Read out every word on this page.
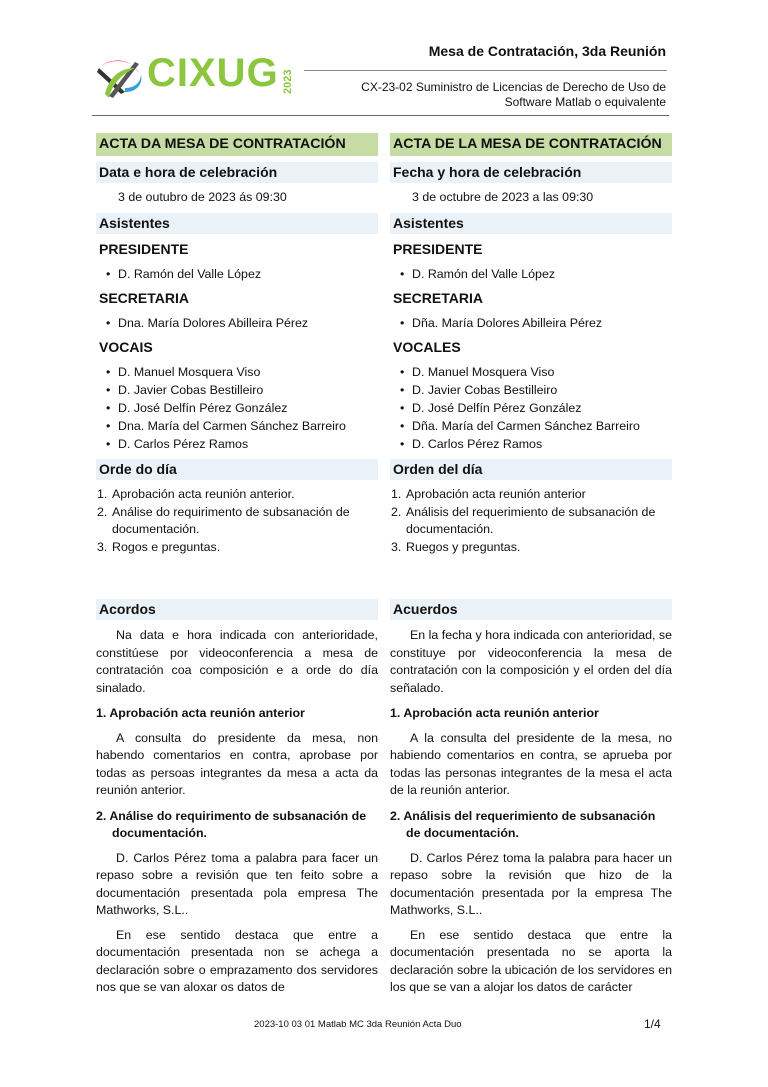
CIXUG 2023
Mesa de Contratación, 3da Reunión
CX-23-02 Suministro de Licencias de Derecho de Uso de Software Matlab o equivalente
ACTA DA MESA DE CONTRATACIÓN
Data e hora de celebración
3 de outubro de 2023 ás 09:30
Asistentes
PRESIDENTE
• D. Ramón del Valle López
SECRETARIA
• Dna. María Dolores Abilleira Pérez
VOCAIS
• D. Manuel Mosquera Viso
• D. Javier Cobas Bestilleiro
• D. José Delfín Pérez González
• Dna. María del Carmen Sánchez Barreiro
• D. Carlos Pérez Ramos
Orde do día
1. Aprobación acta reunión anterior.
2. Análise do requirimento de subsanación de documentación.
3. Rogos e preguntas.
Acordos
Na data e hora indicada con anterioridade, constitúese por videoconferencia a mesa de contratación coa composición e a orde do día sinalado.
1. Aprobación acta reunión anterior
A consulta do presidente da mesa, non habendo comentarios en contra, aprobase por todas as persoas integrantes da mesa a acta da reunión anterior.
2. Análise do requirimento de subsanación de documentación.
D. Carlos Pérez toma a palabra para facer un repaso sobre a revisión que ten feito sobre a documentación presentada pola empresa The Mathworks, S.L..
En ese sentido destaca que entre a documentación presentada non se achega a declaración sobre o emprazamento dos servidores nos que se van aloxar os datos de
ACTA DE LA MESA DE CONTRATACIÓN
Fecha y hora de celebración
3 de octubre de 2023 a las 09:30
Asistentes
PRESIDENTE
• D. Ramón del Valle López
SECRETARIA
• Dña. María Dolores Abilleira Pérez
VOCALES
• D. Manuel Mosquera Viso
• D. Javier Cobas Bestilleiro
• D. José Delfín Pérez González
• Dña. María del Carmen Sánchez Barreiro
• D. Carlos Pérez Ramos
Orden del día
1. Aprobación acta reunión anterior
2. Análisis del requerimiento de subsanación de documentación.
3. Ruegos y preguntas.
Acuerdos
En la fecha y hora indicada con anterioridad, se constituye por videoconferencia la mesa de contratación con la composición y el orden del día señalado.
1. Aprobación acta reunión anterior
A la consulta del presidente de la mesa, no habiendo comentarios en contra, se aprueba por todas las personas integrantes de la mesa el acta de la reunión anterior.
2. Análisis del requerimiento de subsanación de documentación.
D. Carlos Pérez toma la palabra para hacer un repaso sobre la revisión que hizo de la documentación presentada por la empresa The Mathworks, S.L..
En ese sentido destaca que entre la documentación presentada no se aporta la declaración sobre la ubicación de los servidores en los que se van a alojar los datos de carácter
2023-10 03 01 Matlab MC 3da Reunión Acta Duo	1/4
